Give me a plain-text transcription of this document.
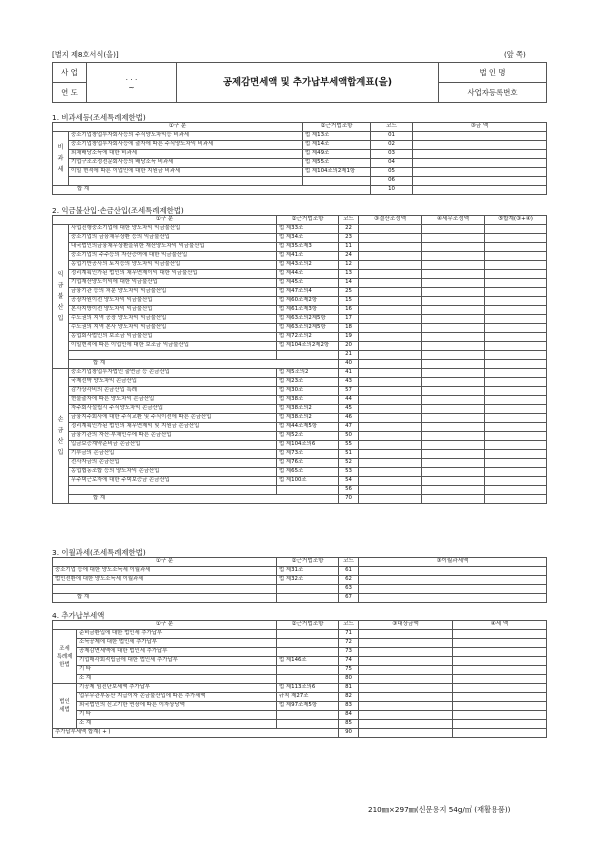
[별지 제8호서식(을)]	(앞 쪽)
사 업	. . .
~	공제감면세액 및 추가납부세액합계표(을)	법 인 명
연 도			사업자등록번호
1. 비과세등(조세특례제한법)
①구 분		②근거법조항	코드	③금 액

비
과
세	중소기업창업투자회사등의 주식양도차익등 비과세	법 제13조	01	
	중소기업창업투자회사등에 출자에 따른 주식양도차익 비과세	법 제14조	02	
	외채배당소득에 대한 비과세	법 제49조	03	
	기업구조조정전문회사등의 배당소득 비과세	법 제55조	04	
	이일 현적에 따른 이업인에 대한 지원금 비과세	법 제104조의2제1항	05	
			06	
합 계			10	
2. 익금불산입·손금산입(조세특례제한법)
①구 분		②근거법조항	코드	③결산조정액	④세무조정액	⑤합계(③+④)

익
금
불
산
입	사업진행중소기업에 대한 양도차익 익금불산입	법 제33조	22			
	중소기업의 금융채무상환 등의 익금불산입	법 제34조	23			
	내국법인의금융채무상환을위한 재산양도차익 익금불산입	법 제35조제3	11			
	중소기업의 주주등의 자산증여에 대한 익금불산입	법 제41조	24			
	농업기반공사의 토지등의 양도차익 익금불산입	법 제43조의2	12			
	정리계획인가된 법인의 채무면제이익 대한 익금불산입	법 제44조	13			
	기업재산양도이익에 대한 익금불산입	법 제45조	14			
	금융기관 등의 처분 양도차익 익금불산입	법 제47조의4	25			
	공장자원이전 양도차익 익금불산입	법 제60조제2항	15			
	본사지방이전 양도차익 익금불산입	법 제61조제3항	16			
	수도권의 지역 공장 양도차익 익금불산입	법 제63조의2제5항	17			
	수도권의 지역 본사 양도차익 익금불산입	법 제63조의2제5항	18			
	농업회사법인의 보조금 익금불산입	법 제72조의2	19			
	이일현적에 따른 이업인에 대한 보조금 익금불산입	법 제104조의2제2항	20			
			21			
	합 계		40			

손
금
산
입	중소기업창업투자법인 출연금 등 손금산입	법 제5조의2	41			
	국제선박 양도차익 손금산입	법 제23조	43			
	감가상각비의 손금산입 특례	법 제30조	57			
	현물출자에 따른 양도차익 손금산입	법 제38조	44			
	자주회사설립시 주식양도차익 손금산입	법 제38조의2	45			
	금융지주회사에 대한 주식교환 및 주식이전에 따른 손금산입	법 제38조의2	46			
	정리계획인가된 법인의 채무면제익 및 지원금 손금산입	법 제44조제5항	47			
	금융기관의 자산·부채인수에 따른 손금산입	법 제52조	50			
	입금보증계약준비금 손금산입	법 제104조의6	55			
	기부금의 손금산입	법 제73조	51			
	전사자금의 손금산입	법 제76조	52			
	농업협동조합 등의 양도차익 손금산입	법 제65조	53			
	무주택근로자에 대한 주택보증금 손금산입	법 제100조	54			
			56			
	합 계		70			
3. 이월과세(조세특례제한법)
①구 분	②근거법조항	코드	③이월과세액
중소기업 등에 대한 양도소득세 이월과세	법 제31조	61	
법인전환에 대한 양도소득세 이월과세	법 제32조	62	
		63	
합 계		67	
4. 추가납부세액
①구 분		②근거법조항	코드	③대상금액	④세 액

조세
특례제
한법	준비금환입에 대한 법인세 추가납부		71		
	소득공제에 대한 법인세 추가납부		72		
	공제감면세액에 대한 법인세 추가납부		73		
	기업매각회적립금에 대한 법인세 추가납부	법 제146조	74		
	기 타		75		
	소 계		80		

법인
세법	기공제 임진단보세액 추가납부	법 제113조의6	81		
	업무무관부동산 지급이자 손금불산입에 따른 추가세액	규칙 제27조	82		
	외국법인의 신고기한 연장에 따른 이자상당액	법 제97조제5항	83		
	기 타		84		
	소 계		85		
추가납부세액 합계( + )			90		
210㎜×297㎜(신문용지 54g/㎡ (재활용품))
